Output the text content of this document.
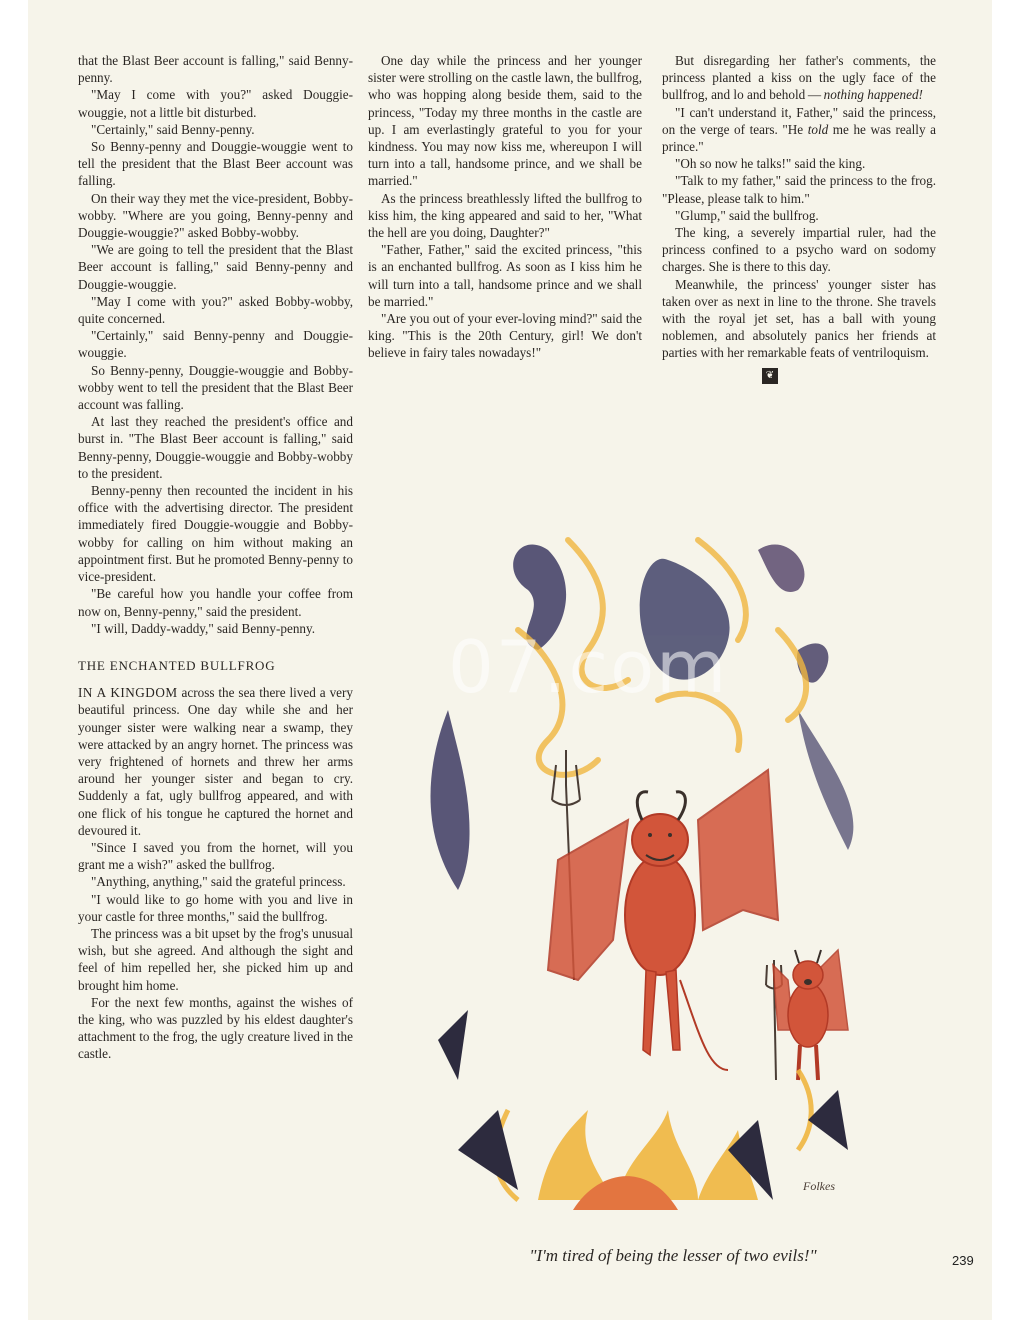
that the Blast Beer account is falling," said Benny-penny.

"May I come with you?" asked Douggie-wouggie, not a little bit disturbed.

"Certainly," said Benny-penny.

So Benny-penny and Douggie-wouggie went to tell the president that the Blast Beer account was falling.

On their way they met the vice-president, Bobby-wobby. "Where are you going, Benny-penny and Douggie-wouggie?" asked Bobby-wobby.

"We are going to tell the president that the Blast Beer account is falling," said Benny-penny and Douggie-wouggie.

"May I come with you?" asked Bobby-wobby, quite concerned.

"Certainly," said Benny-penny and Douggie-wouggie.

So Benny-penny, Douggie-wouggie and Bobby-wobby went to tell the president that the Blast Beer account was falling.

At last they reached the president's office and burst in. "The Blast Beer account is falling," said Benny-penny, Douggie-wouggie and Bobby-wobby to the president.

Benny-penny then recounted the incident in his office with the advertising director. The president immediately fired Douggie-wouggie and Bobby-wobby for calling on him without making an appointment first. But he promoted Benny-penny to vice-president.

"Be careful how you handle your coffee from now on, Benny-penny," said the president.

"I will, Daddy-waddy," said Benny-penny.

THE ENCHANTED BULLFROG

IN A KINGDOM across the sea there lived a very beautiful princess. One day while she and her younger sister were walking near a swamp, they were attacked by an angry hornet. The princess was very frightened of hornets and threw her arms around her younger sister and began to cry. Suddenly a fat, ugly bullfrog appeared, and with one flick of his tongue he captured the hornet and devoured it.

"Since I saved you from the hornet, will you grant me a wish?" asked the bullfrog.

"Anything, anything," said the grateful princess.

"I would like to go home with you and live in your castle for three months," said the bullfrog.

The princess was a bit upset by the frog's unusual wish, but she agreed. And although the sight and feel of him repelled her, she picked him up and brought him home.

For the next few months, against the wishes of the king, who was puzzled by his eldest daughter's attachment to the frog, the ugly creature lived in the castle.

One day while the princess and her younger sister were strolling on the castle lawn, the bullfrog, who was hopping along beside them, said to the princess, "Today my three months in the castle are up. I am everlastingly grateful to you for your kindness. You may now kiss me, whereupon I will turn into a tall, handsome prince, and we shall be married."

As the princess breathlessly lifted the bullfrog to kiss him, the king appeared and said to her, "What the hell are you doing, Daughter?"

"Father, Father," said the excited princess, "this is an enchanted bullfrog. As soon as I kiss him he will turn into a tall, handsome prince and we shall be married."

"Are you out of your ever-loving mind?" said the king. "This is the 20th Century, girl! We don't believe in fairy tales nowadays!"

But disregarding her father's comments, the princess planted a kiss on the ugly face of the bullfrog, and lo and behold — nothing happened!

"I can't understand it, Father," said the princess, on the verge of tears. "He told me he was really a prince."

"Oh so now he talks!" said the king.

"Talk to my father," said the princess to the frog. "Please, please talk to him."

"Glump," said the bullfrog.

The king, a severely impartial ruler, had the princess confined to a psycho ward on sodomy charges. She is there to this day.

Meanwhile, the princess' younger sister has taken over as next in line to the throne. She travels with the royal jet set, has a ball with young noblemen, and absolutely panics her friends at parties with her remarkable feats of ventriloquism.

❦
Folkes
07.com
"I'm tired of being the lesser of two evils!"	239
